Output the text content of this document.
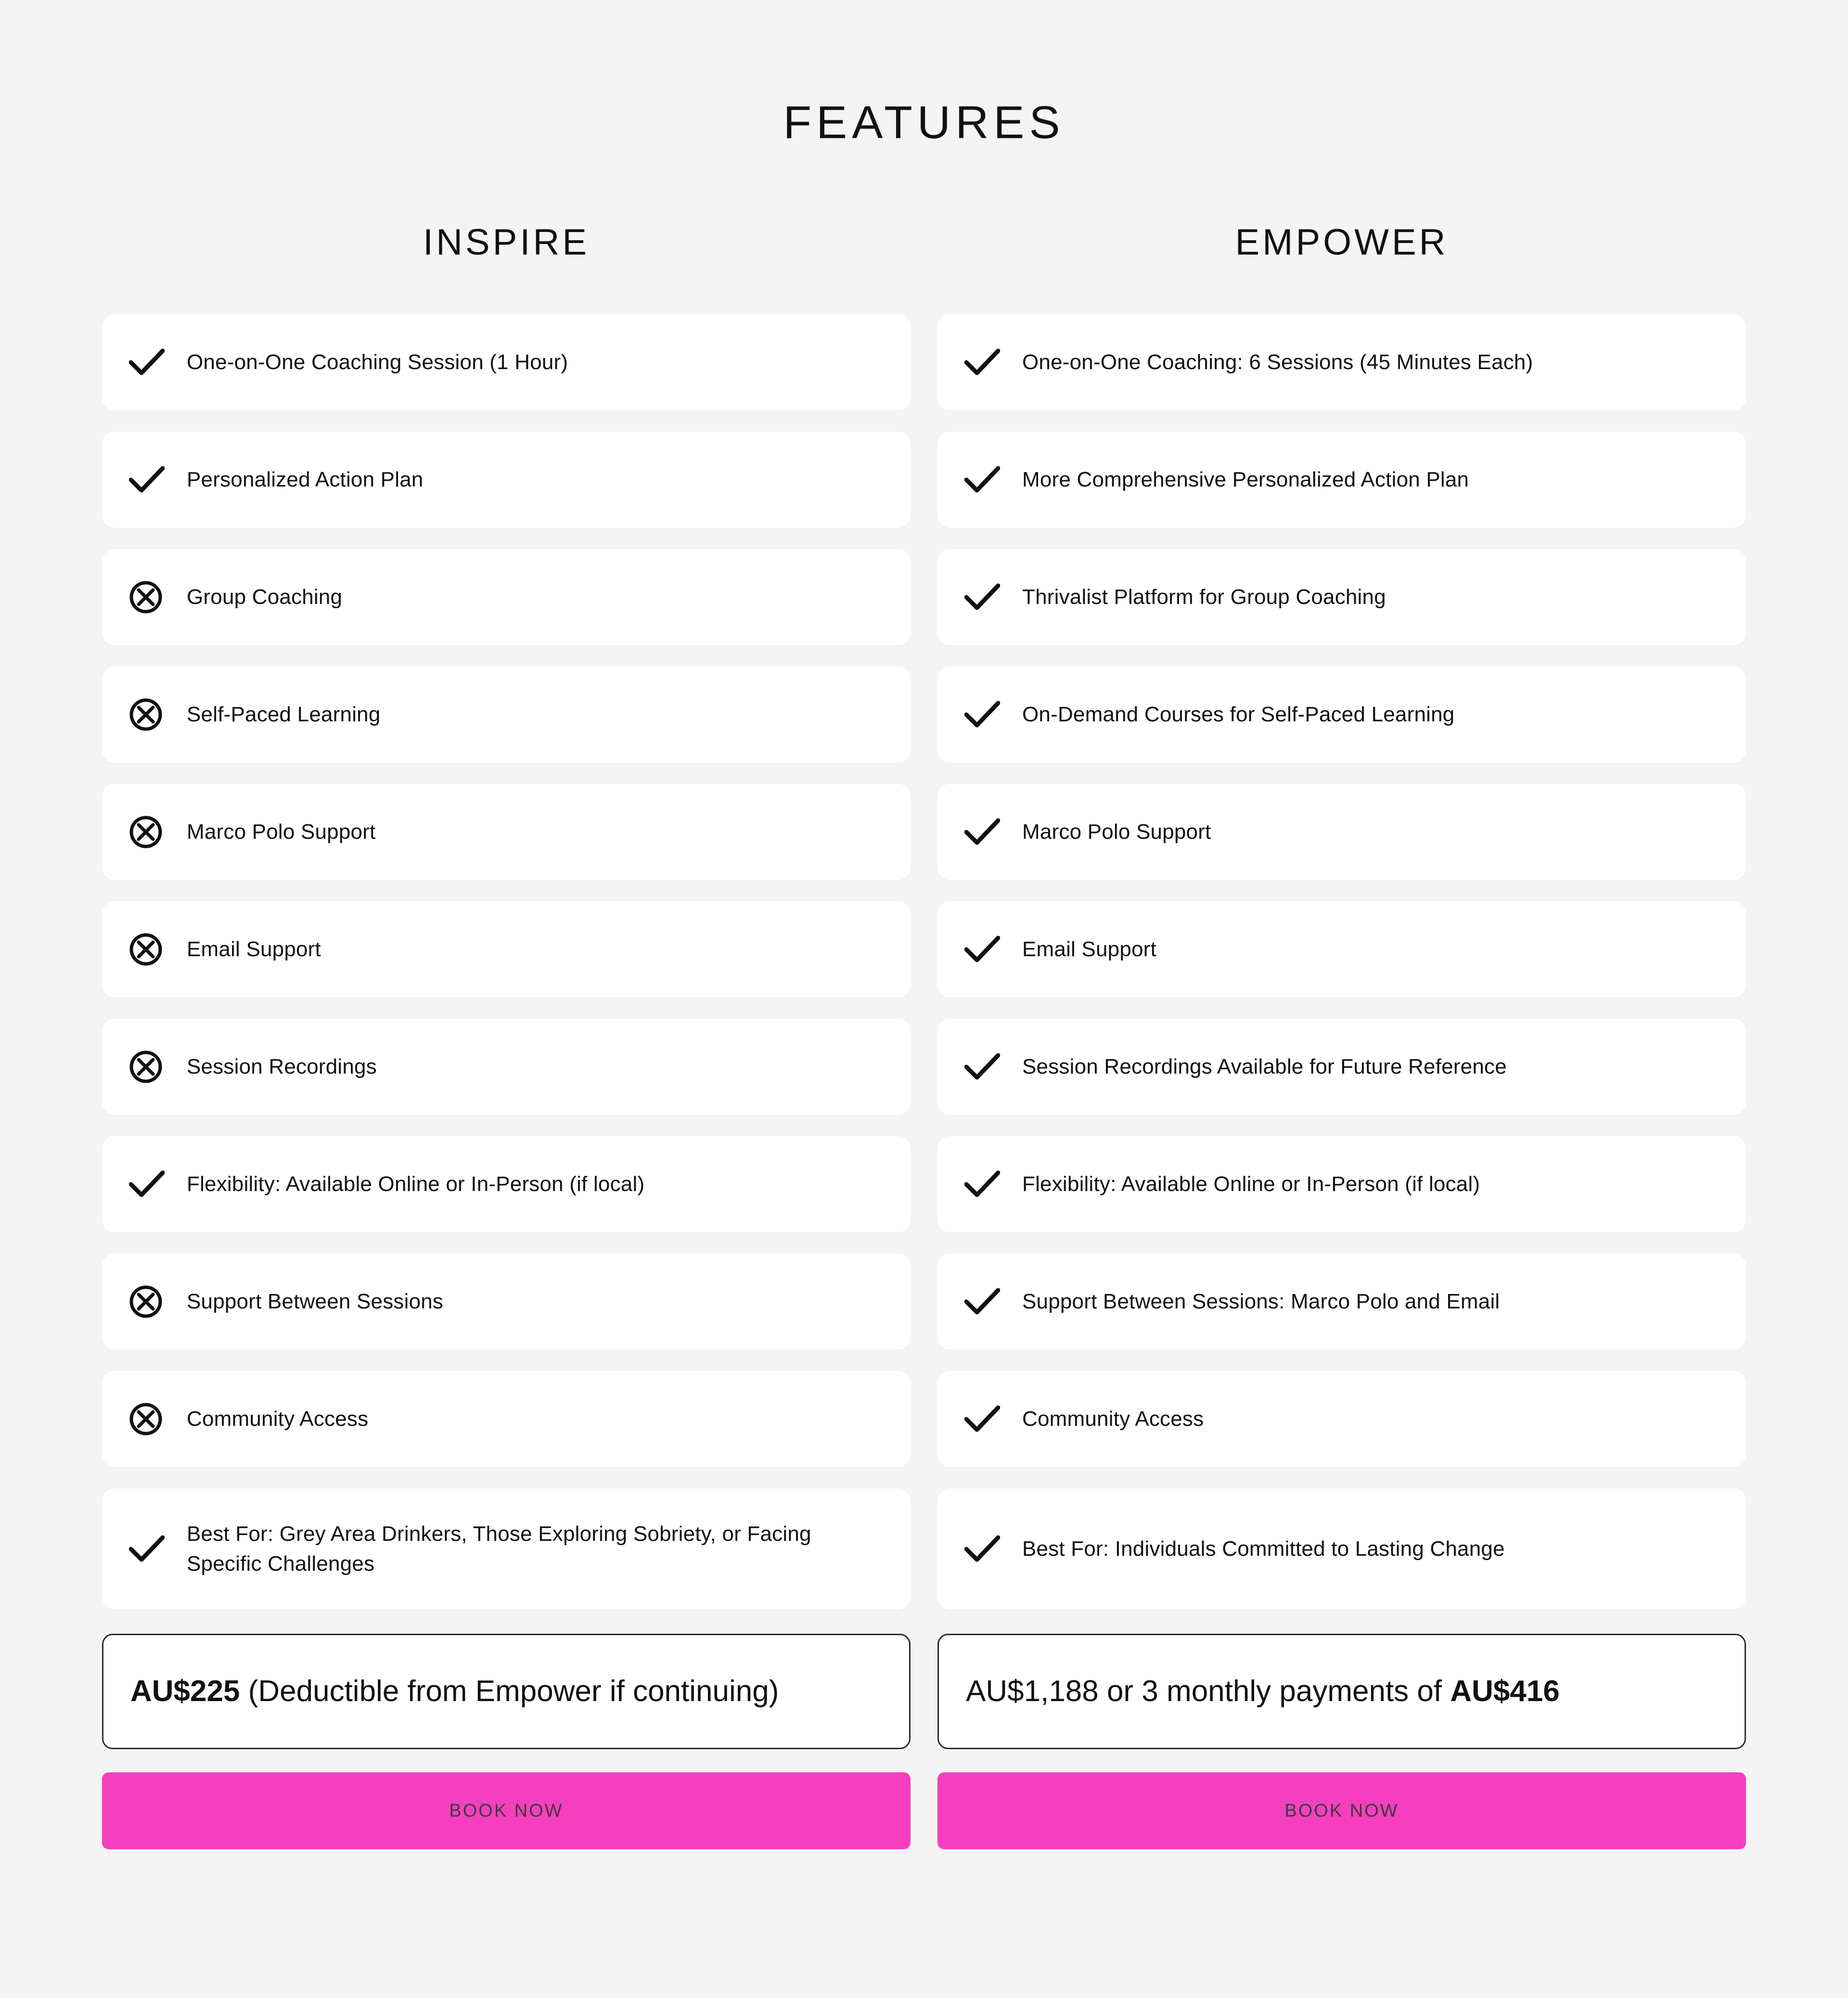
FEATURES
INSPIRE
One-on-One Coaching Session (1 Hour)
Personalized Action Plan
Group Coaching
Self-Paced Learning
Marco Polo Support
Email Support
Session Recordings
Flexibility: Available Online or In-Person (if local)
Support Between Sessions
Community Access
Best For: Grey Area Drinkers, Those Exploring Sobriety, or Facing Specific Challenges
AU$225 (Deductible from Empower if continuing)
BOOK NOW
EMPOWER
One-on-One Coaching: 6 Sessions (45 Minutes Each)
More Comprehensive Personalized Action Plan
Thrivalist Platform for Group Coaching
On-Demand Courses for Self-Paced Learning
Marco Polo Support
Email Support
Session Recordings Available for Future Reference
Flexibility: Available Online or In-Person (if local)
Support Between Sessions: Marco Polo and Email
Community Access
Best For: Individuals Committed to Lasting Change
AU$1,188 or 3 monthly payments of AU$416
BOOK NOW
